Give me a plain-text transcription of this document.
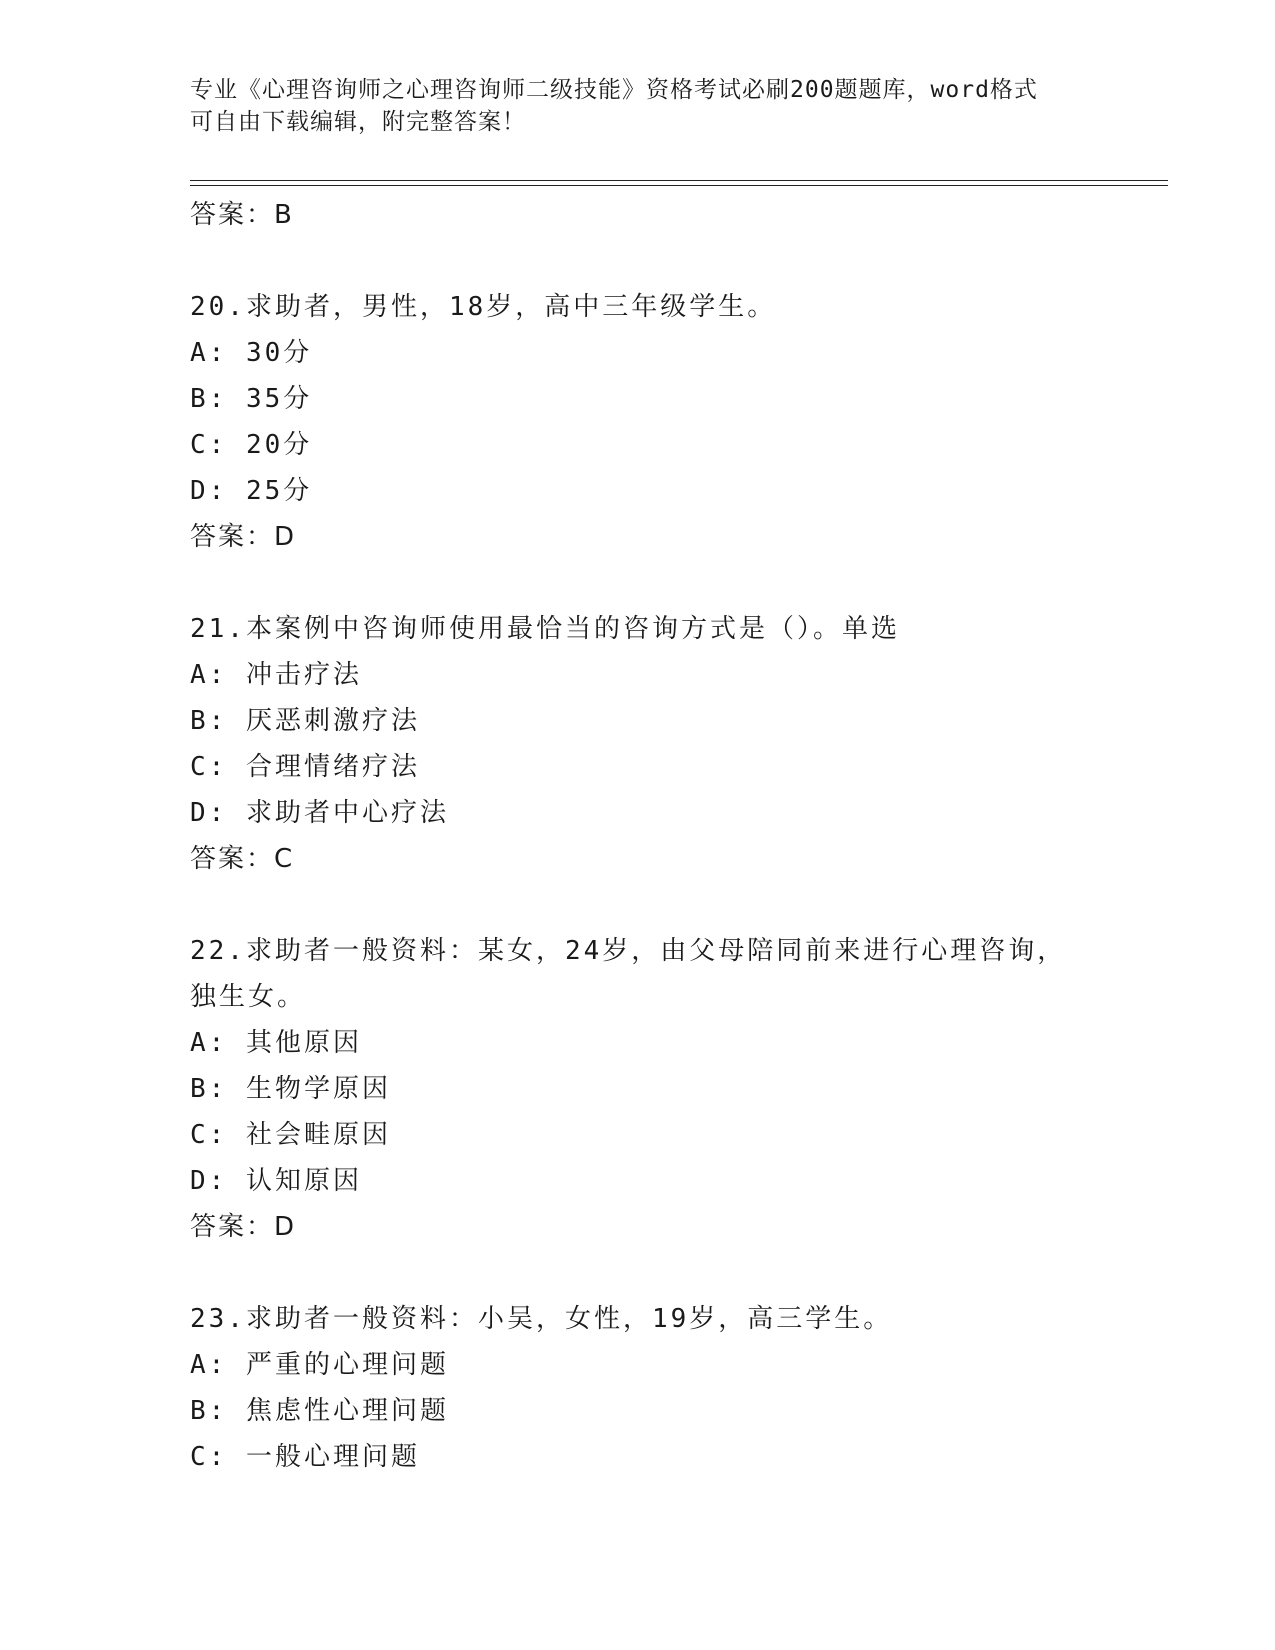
专业《心理咨询师之心理咨询师二级技能》资格考试必刷200题题库，word格式
可自由下载编辑，附完整答案！
答案：B
20.求助者，男性，18岁，高中三年级学生。
A: 30分
B: 35分
C: 20分
D: 25分
答案：D
21.本案例中咨询师使用最恰当的咨询方式是（）。单选
A: 冲击疗法
B: 厌恶刺激疗法
C: 合理情绪疗法
D: 求助者中心疗法
答案：C
22.求助者一般资料：某女，24岁，由父母陪同前来进行心理咨询，独生女。
A: 其他原因
B: 生物学原因
C: 社会畦原因
D: 认知原因
答案：D
23.求助者一般资料：小吴，女性，19岁，高三学生。
A: 严重的心理问题
B: 焦虑性心理问题
C: 一般心理问题
